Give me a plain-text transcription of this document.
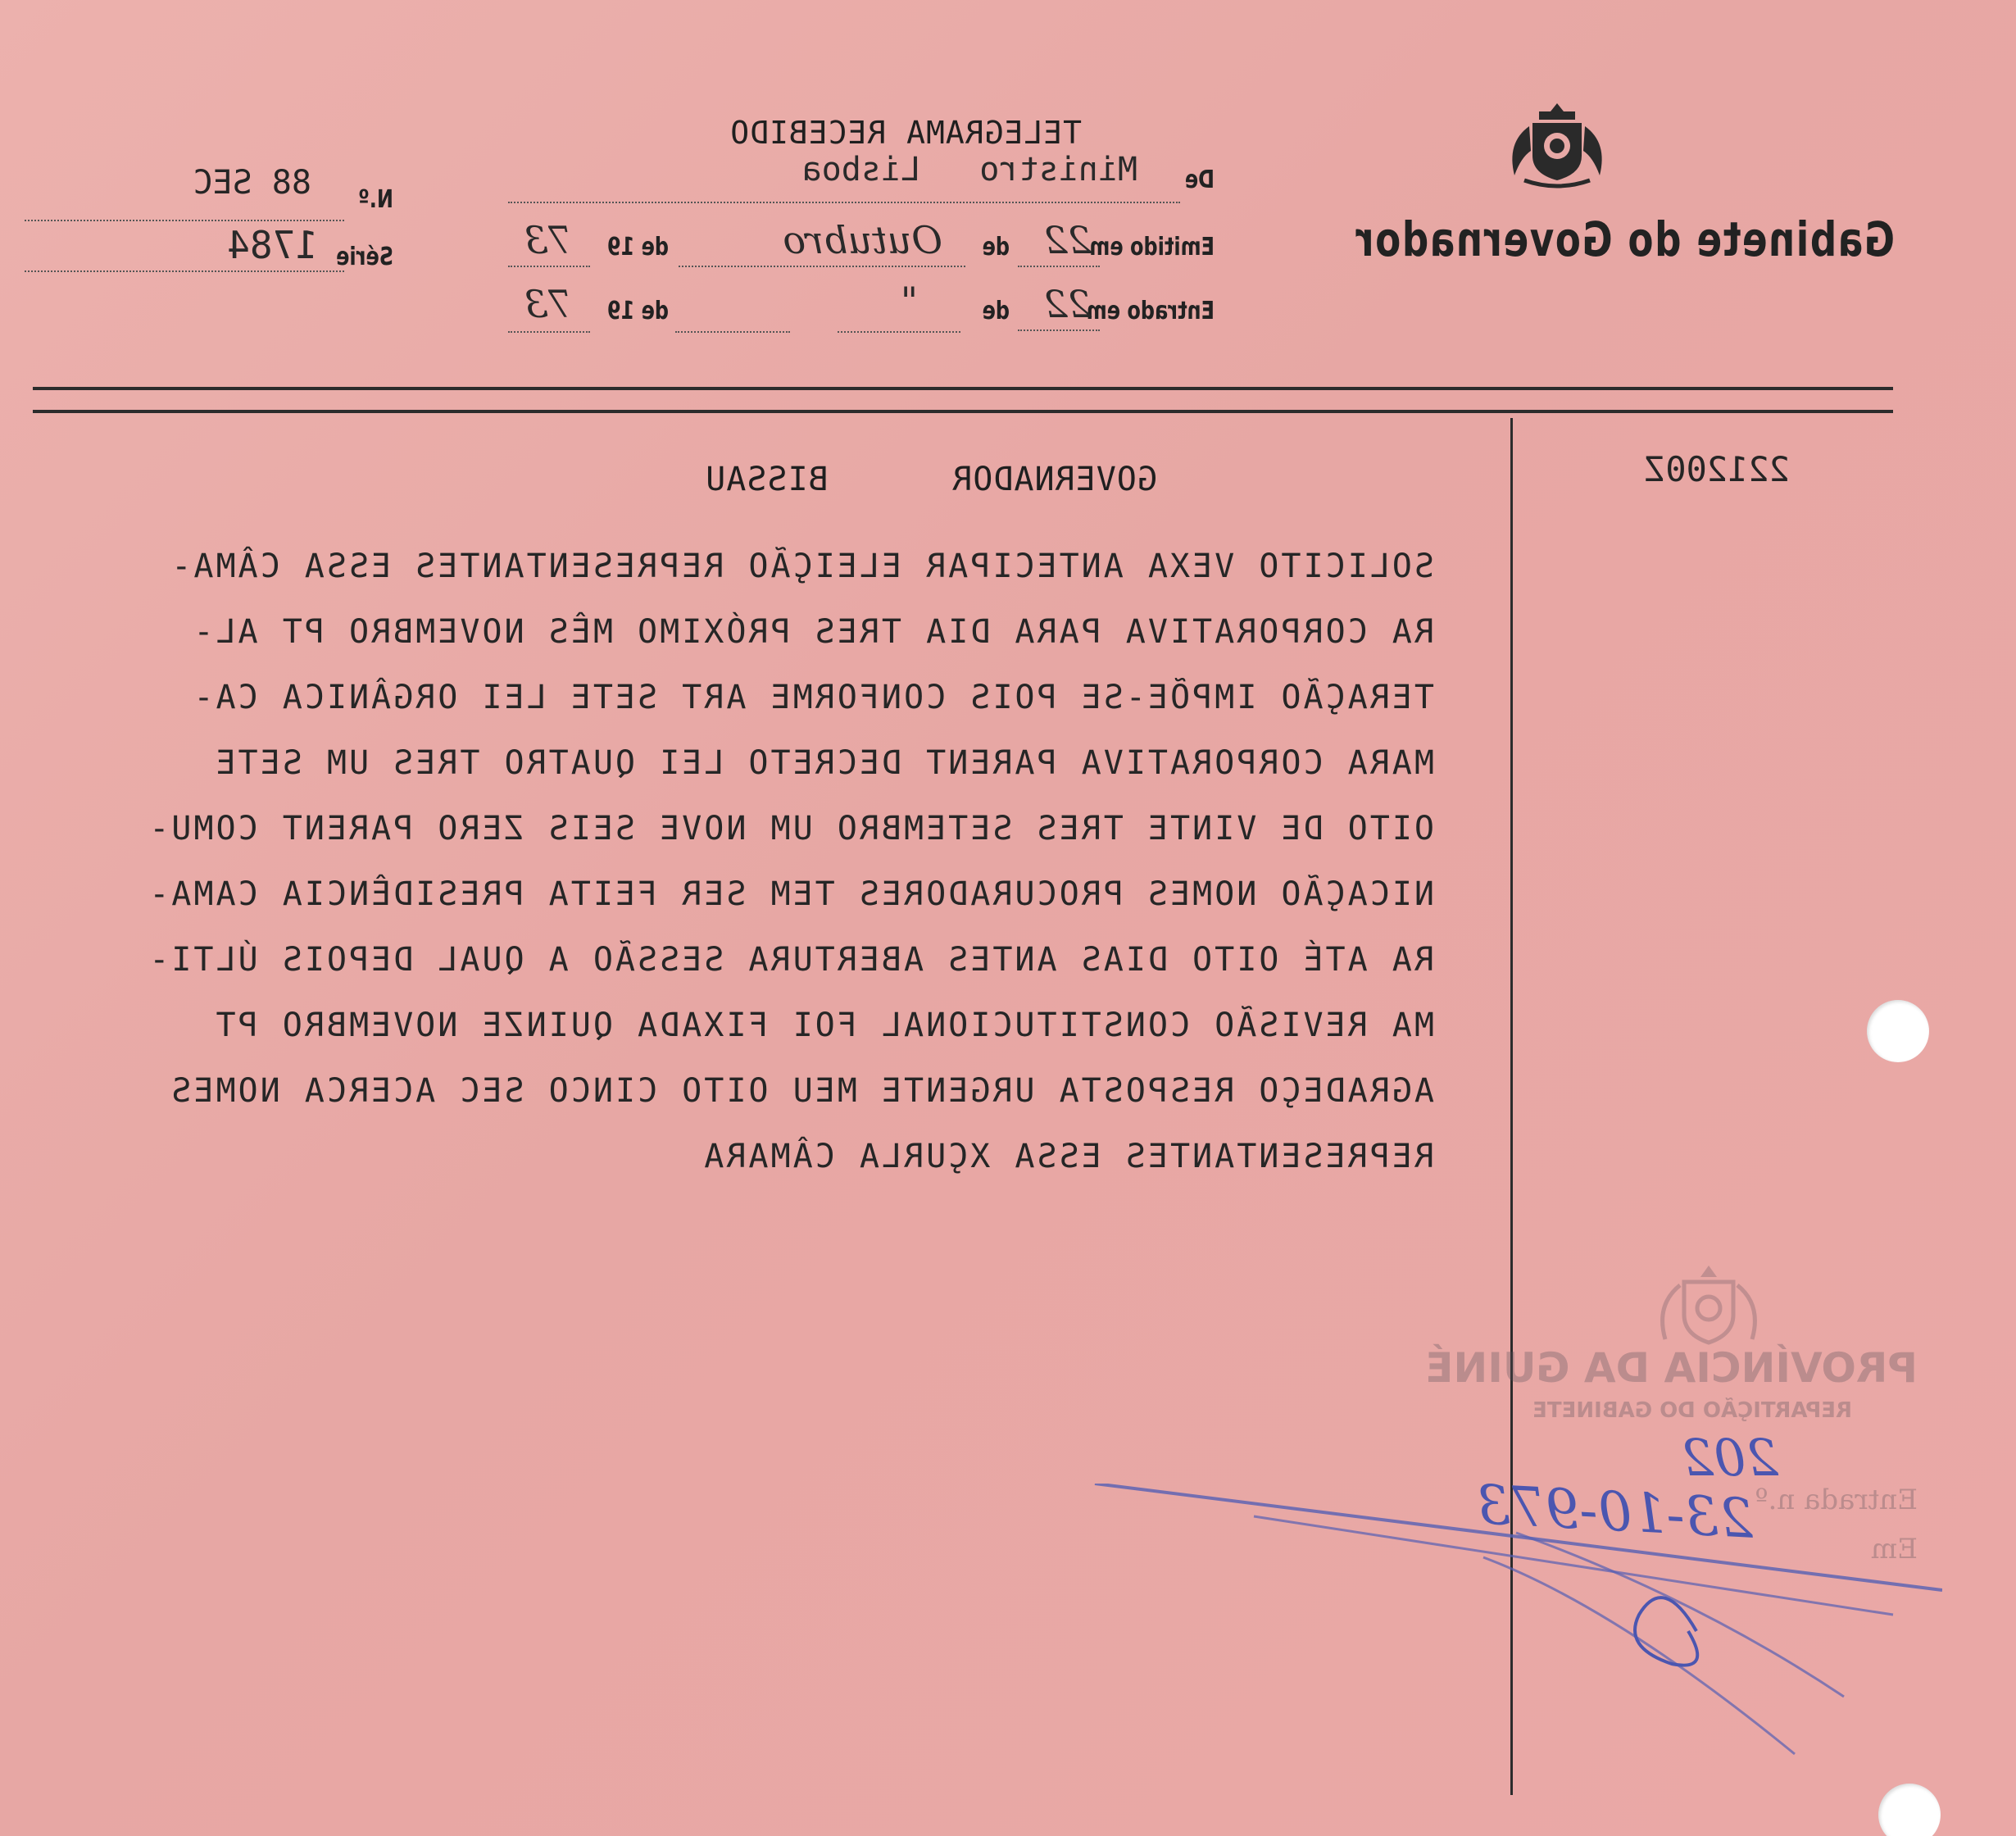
Gabinete do Governador
TELEGRAMA RECEBIDO
De
Ministro   Lisboa
Emitido em
22
de
Outubro
de 19
73
Entrado em
22
de
"
de 19
73
N.º
88 SEC
Série
1784
221200Z
GOVERNADOR      BISSAU
SOLICITO VEXA ANTECIPAR ELEIÇÃO REPRESENTANTES ESSA CÂMA-
RA CORPORATIVA PARA DIA TRES PRÓXIMO MÊS NOVEMBRO PT AL-
TERAÇÃO IMPÕE-SE POIS CONFORME ART SETE LEI ORGÂNICA CA-
MARA CORPORATIVA PARENT DECRETO LEI QUATRO TRES UM SETE
OITO DE VINTE TRES SETEMBRO UM NOVE SEIS ZERO PARENT COMU-
NICAÇÃO NOMES PROCURADORES TEM SER FEITA PRESIDÊNCIA CAMA-
RA ATÉ OITO DIAS ANTES ABERTURA SESSÃO A QUAL DEPOIS ÚLTI-
MA REVISÃO CONSTITUCIONAL FOI FIXADA QUINZE NOVEMBRO PT
AGRADEÇO RESPOSTA URGENTE MEU OITO CINCO SEC ACERCA NOMES
REPRESENTANTES ESSA XÇURLA CÂMARA
PROVÍNCIA DA GUINÉ
REPARTIÇÃO DO GABINETE
Entrada n.º
Em
202
23-10-973
